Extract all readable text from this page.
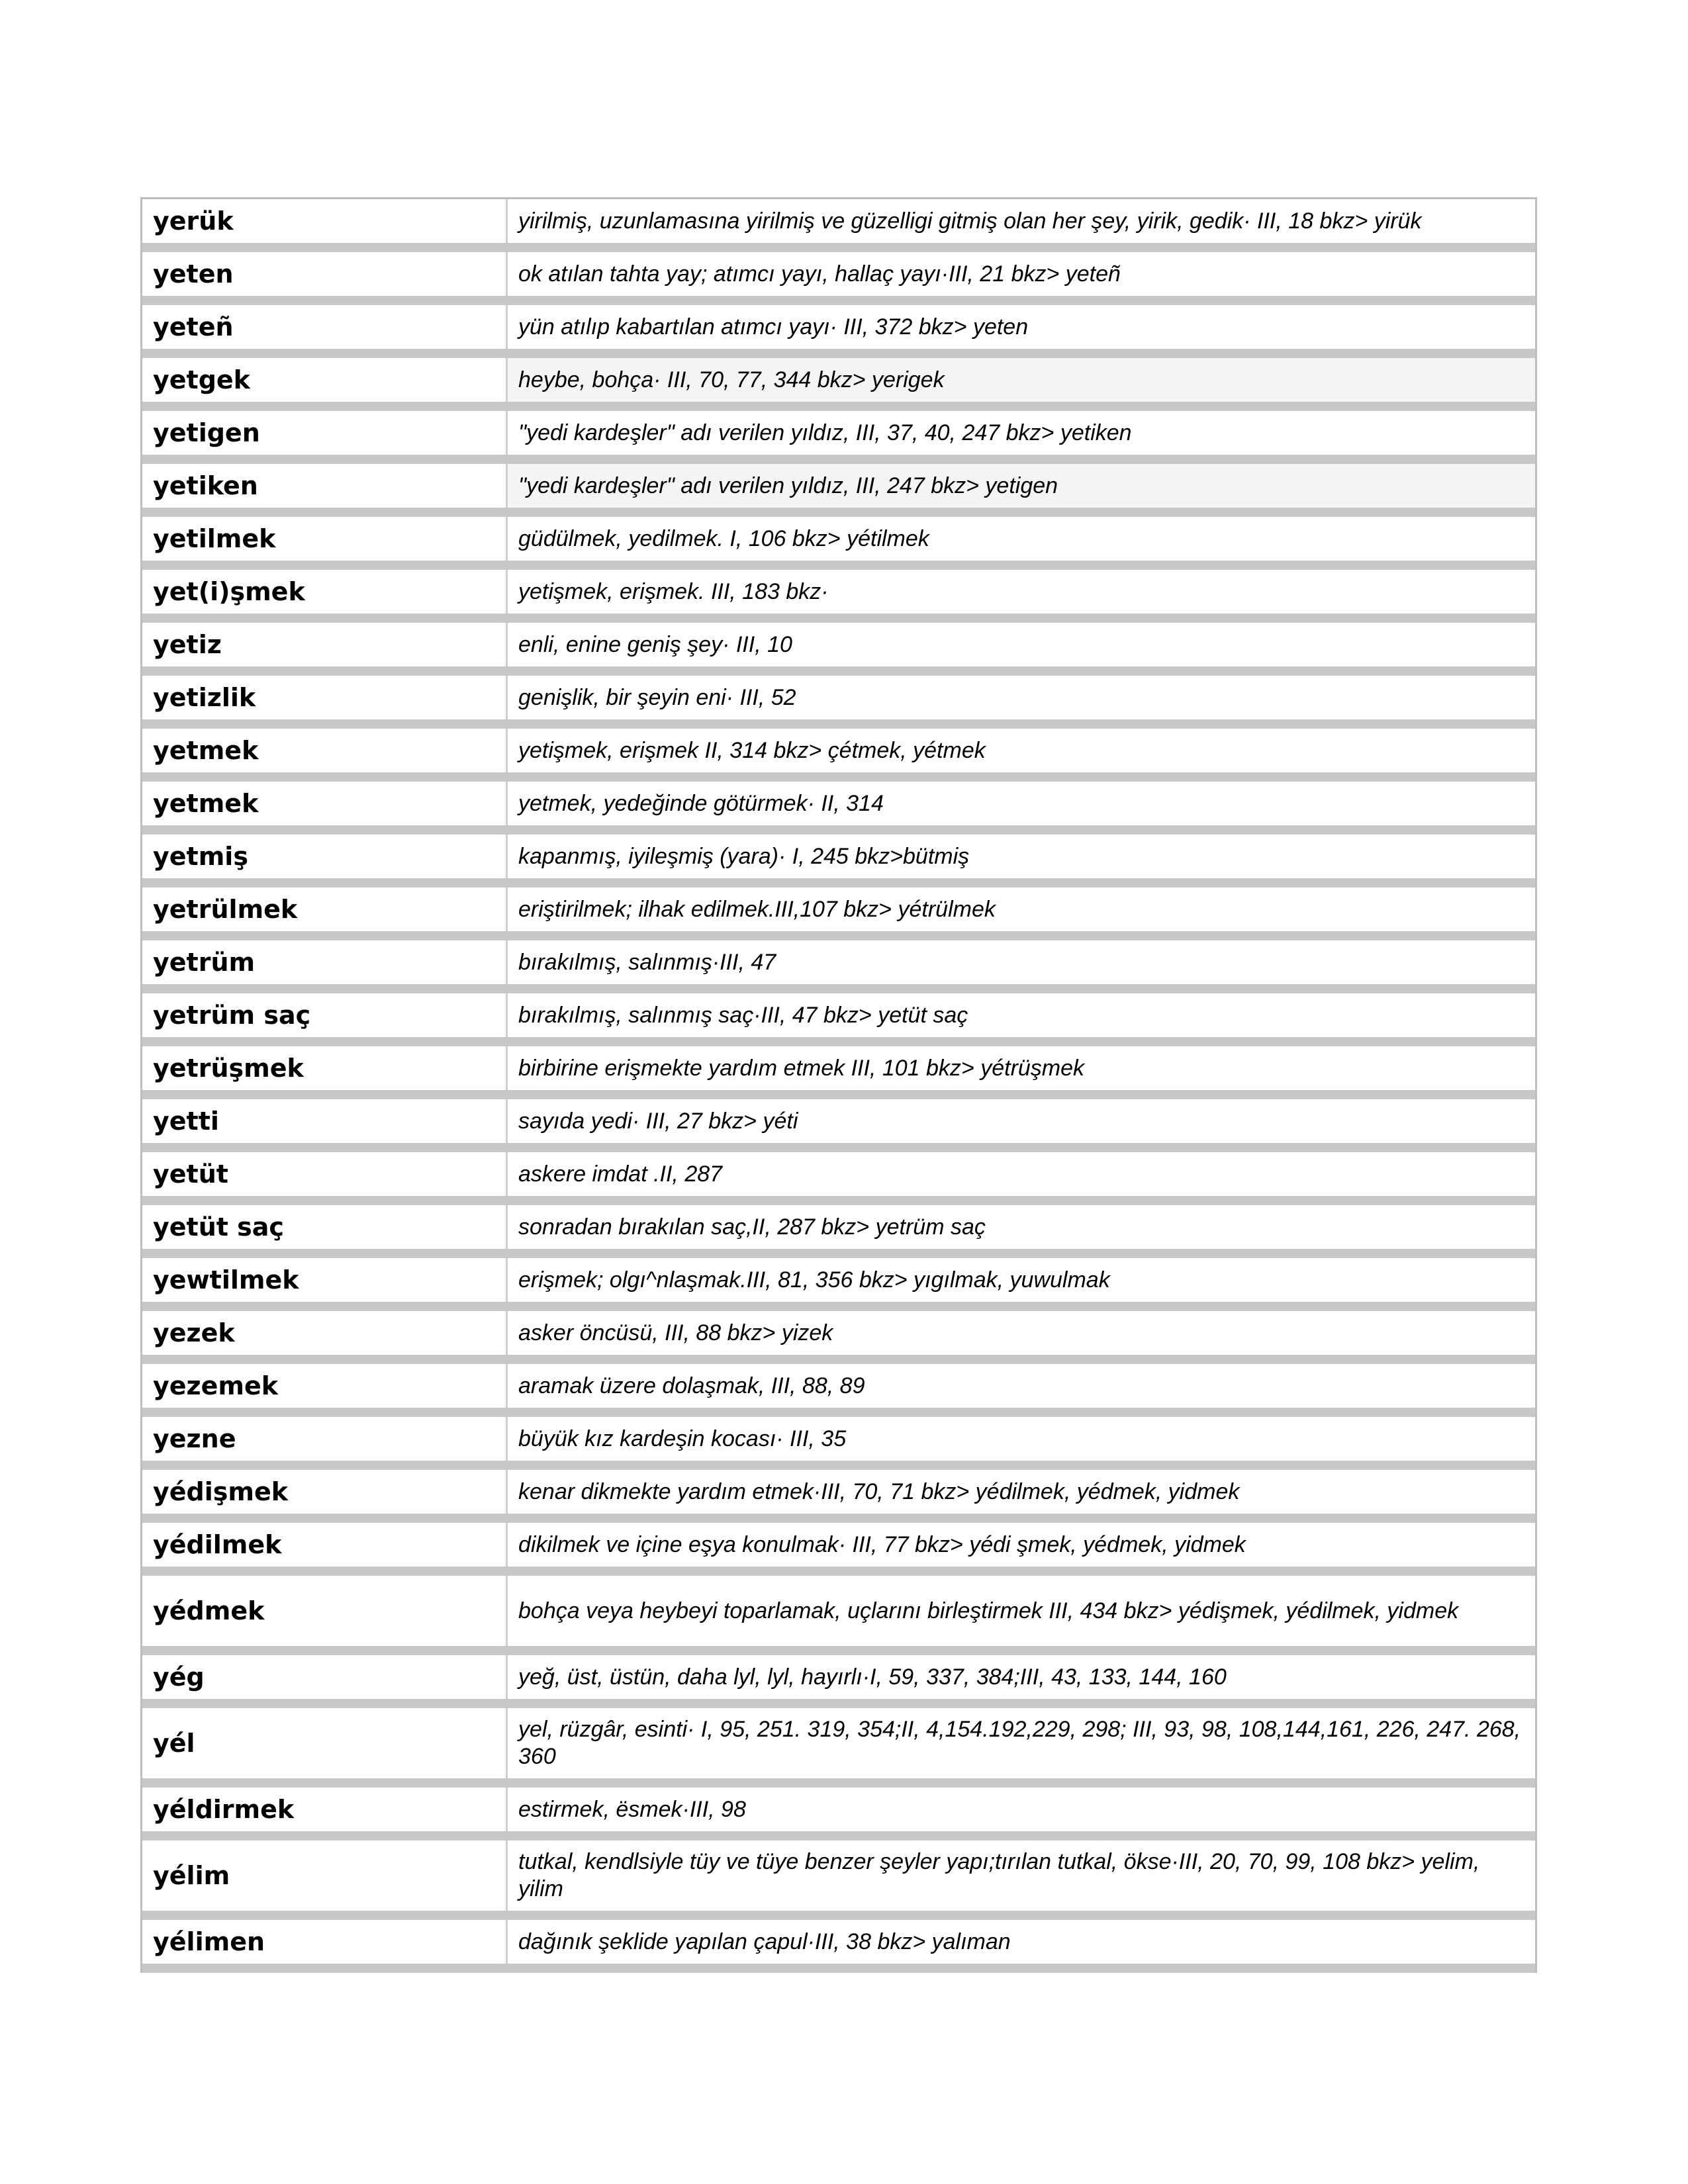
yerük	yirilmiş, uzunlamasına yirilmiş ve güzelligi gitmiş olan her şey, yirik, gedik· III, 18 bkz> yirük
yeten	ok atılan tahta yay; atımcı yayı, hallaç yayı·III, 21 bkz> yeteñ
yeteñ	yün atılıp kabartılan atımcı yayı· III, 372 bkz> yeten
yetgek	heybe, bohça· III, 70, 77, 344 bkz> yerigek
yetigen	"yedi kardeşler" adı verilen yıldız, III, 37, 40, 247 bkz> yetiken
yetiken	"yedi kardeşler" adı verilen yıldız, III, 247 bkz> yetigen
yetilmek	güdülmek, yedilmek. I, 106 bkz> yétilmek
yet(i)şmek	yetişmek, erişmek. III, 183 bkz·
yetiz	enli, enine geniş şey· III, 10
yetizlik	genişlik, bir şeyin eni· III, 52
yetmek	yetişmek, erişmek II, 314 bkz> çétmek, yétmek
yetmek	yetmek, yedeğinde götürmek· II, 314
yetmiş	kapanmış, iyileşmiş (yara)· I, 245 bkz>bütmiş
yetrülmek	eriştirilmek; ilhak edilmek.III,107 bkz> yétrülmek
yetrüm	bırakılmış, salınmış·III, 47
yetrüm saç	bırakılmış, salınmış saç·III, 47 bkz> yetüt saç
yetrüşmek	birbirine erişmekte yardım etmek III, 101 bkz> yétrüşmek
yetti	sayıda yedi· III, 27 bkz> yéti
yetüt	askere imdat .II, 287
yetüt saç	sonradan bırakılan saç,II, 287 bkz> yetrüm saç
yewtilmek	erişmek; olgı^nlaşmak.III, 81, 356 bkz> yıgılmak, yuwulmak
yezek	asker öncüsü, III, 88 bkz> yizek
yezemek	aramak üzere dolaşmak, III, 88, 89
yezne	büyük kız kardeşin kocası· III, 35
yédişmek	kenar dikmekte yardım etmek·III, 70, 71 bkz> yédilmek, yédmek, yidmek
yédilmek	dikilmek ve içine eşya konulmak· III, 77 bkz> yédi şmek, yédmek, yidmek
yédmek	bohça veya heybeyi toparlamak, uçlarını birleştirmek III, 434 bkz> yédişmek, yédilmek, yidmek
yég	yeğ, üst, üstün, daha lyl, lyl, hayırlı·I, 59, 337, 384;III, 43, 133, 144, 160
yél	yel, rüzgâr, esinti· I, 95, 251. 319, 354;II, 4,154.192,229, 298; III, 93, 98, 108,144,161, 226, 247. 268, 360
yéldirmek	estirmek, ësmek·III, 98
yélim	tutkal, kendlsiyle tüy ve tüye benzer şeyler yapı;tırılan tutkal, ökse·III, 20, 70, 99, 108 bkz> yelim, yilim
yélimen	dağınık şeklide yapılan çapul·III, 38 bkz> yalıman
